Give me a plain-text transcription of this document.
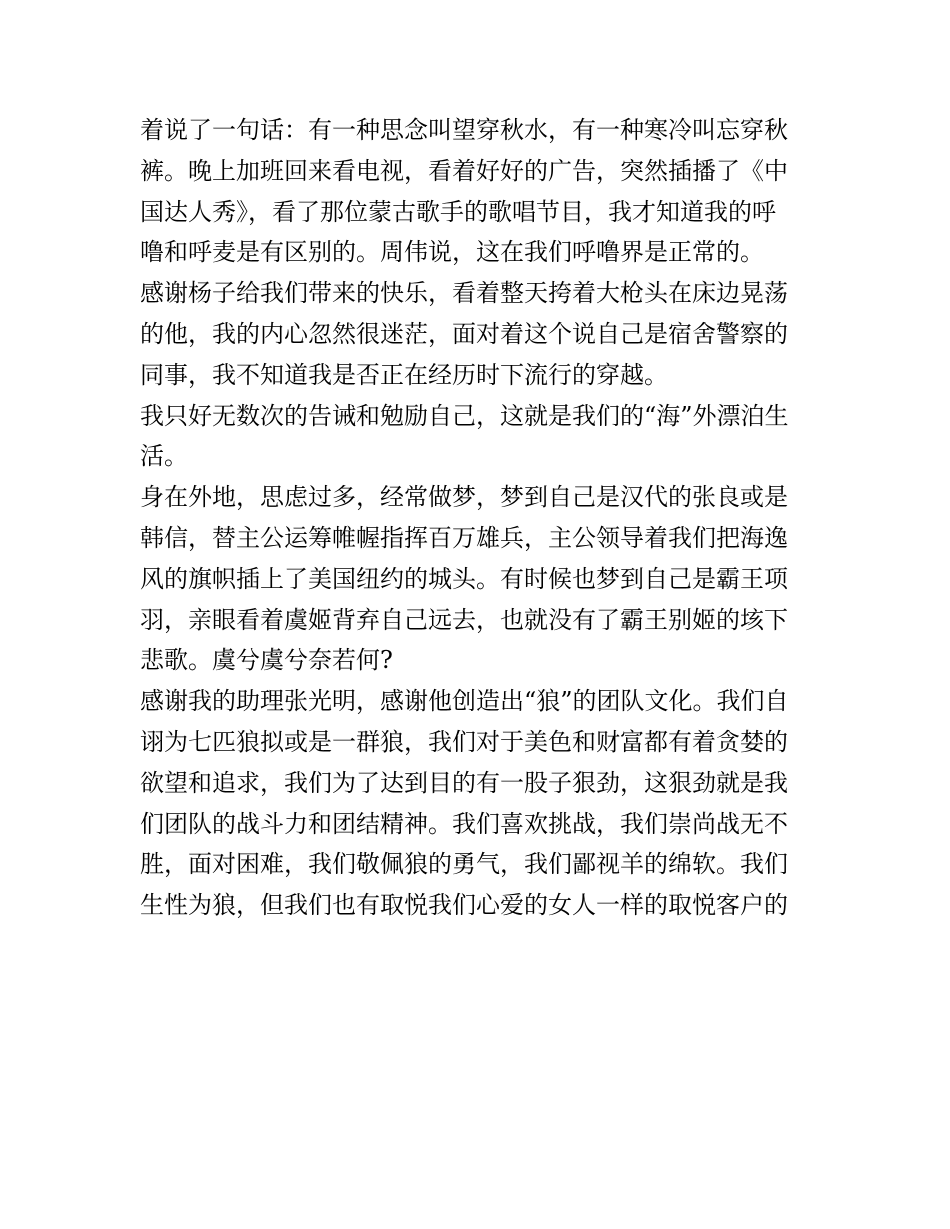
着说了一句话：有一种思念叫望穿秋水，有一种寒冷叫忘穿秋
裤。晚上加班回来看电视，看着好好的广告，突然插播了《中
国达人秀》，看了那位蒙古歌手的歌唱节目，我才知道我的呼
噜和呼麦是有区别的。周伟说，这在我们呼噜界是正常的。
感谢杨子给我们带来的快乐，看着整天挎着大枪头在床边晃荡
的他，我的内心忽然很迷茫，面对着这个说自己是宿舍警察的
同事，我不知道我是否正在经历时下流行的穿越。
我只好无数次的告诫和勉励自己，这就是我们的“海”外漂泊生
活。
身在外地，思虑过多，经常做梦，梦到自己是汉代的张良或是
韩信，替主公运筹帷幄指挥百万雄兵，主公领导着我们把海逸
风的旗帜插上了美国纽约的城头。有时候也梦到自己是霸王项
羽，亲眼看着虞姬背弃自己远去，也就没有了霸王别姬的垓下
悲歌。虞兮虞兮奈若何?
感谢我的助理张光明，感谢他创造出“狼”的团队文化。我们自
诩为七匹狼拟或是一群狼，我们对于美色和财富都有着贪婪的
欲望和追求，我们为了达到目的有一股子狠劲，这狠劲就是我
们团队的战斗力和团结精神。我们喜欢挑战，我们崇尚战无不
胜，面对困难，我们敬佩狼的勇气，我们鄙视羊的绵软。我们
生性为狼，但我们也有取悦我们心爱的女人一样的取悦客户的
